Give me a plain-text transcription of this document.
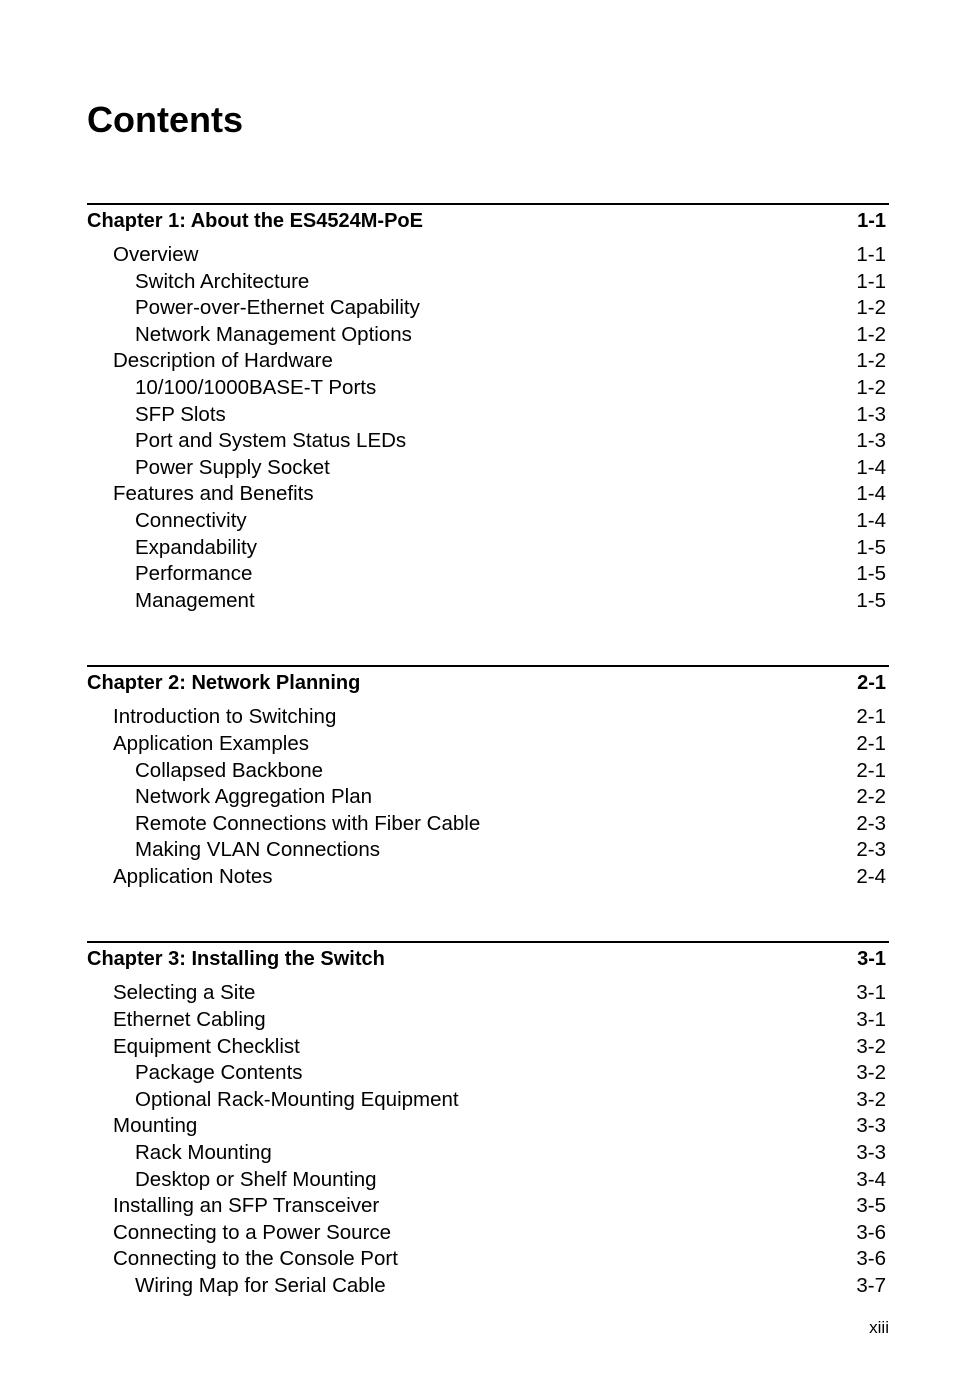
Contents
Chapter 1: About the ES4524M-PoE	1-1
Overview	1-1
Switch Architecture	1-1
Power-over-Ethernet Capability	1-2
Network Management Options	1-2
Description of Hardware	1-2
10/100/1000BASE-T Ports	1-2
SFP Slots	1-3
Port and System Status LEDs	1-3
Power Supply Socket	1-4
Features and Benefits	1-4
Connectivity	1-4
Expandability	1-5
Performance	1-5
Management	1-5
Chapter 2: Network Planning	2-1
Introduction to Switching	2-1
Application Examples	2-1
Collapsed Backbone	2-1
Network Aggregation Plan	2-2
Remote Connections with Fiber Cable	2-3
Making VLAN Connections	2-3
Application Notes	2-4
Chapter 3: Installing the Switch	3-1
Selecting a Site	3-1
Ethernet Cabling	3-1
Equipment Checklist	3-2
Package Contents	3-2
Optional Rack-Mounting Equipment	3-2
Mounting	3-3
Rack Mounting	3-3
Desktop or Shelf Mounting	3-4
Installing an SFP Transceiver	3-5
Connecting to a Power Source	3-6
Connecting to the Console Port	3-6
Wiring Map for Serial Cable	3-7
xiii
